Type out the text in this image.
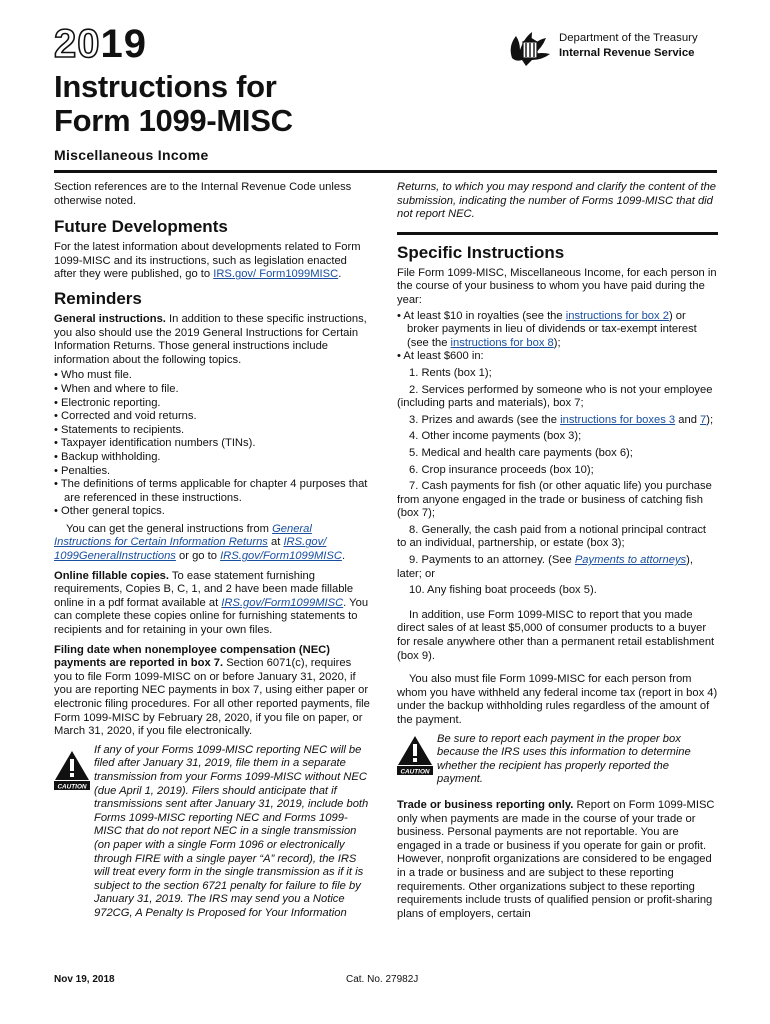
2019
Instructions for
Form 1099-MISC
Miscellaneous Income
Department of the Treasury
Internal Revenue Service

Section references are to the Internal Revenue Code unless otherwise noted.

Future Developments

For the latest information about developments related to Form 1099-MISC and its instructions, such as legislation enacted after they were published, go to IRS.gov/ Form1099MISC.

Reminders

General instructions. In addition to these specific instructions, you also should use the 2019 General Instructions for Certain Information Returns. Those general instructions include information about the following topics.

• Who must file.
• When and where to file.
• Electronic reporting.
• Corrected and void returns.
• Statements to recipients.
• Taxpayer identification numbers (TINs).
• Backup withholding.
• Penalties.
• The definitions of terms applicable for chapter 4 purposes that are referenced in these instructions.
• Other general topics.

You can get the general instructions from General Instructions for Certain Information Returns at IRS.gov/ 1099GeneralInstructions or go to IRS.gov/Form1099MISC.

Online fillable copies. To ease statement furnishing requirements, Copies B, C, 1, and 2 have been made fillable online in a pdf format available at IRS.gov/Form1099MISC. You can complete these copies online for furnishing statements to recipients and for retaining in your own files.

Filing date when nonemployee compensation (NEC) payments are reported in box 7. Section 6071(c), requires you to file Form 1099-MISC on or before January 31, 2020, if you are reporting NEC payments in box 7, using either paper or electronic filing procedures. For all other reported payments, file Form 1099-MISC by February 28, 2020, if you file on paper, or March 31, 2020, if you file electronically.

CAUTION
If any of your Forms 1099-MISC reporting NEC will be filed after January 31, 2019, file them in a separate transmission from your Forms 1099-MISC without NEC (due April 1, 2019). Filers should anticipate that if transmissions sent after January 31, 2019, include both Forms 1099-MISC reporting NEC and Forms 1099-MISC that do not report NEC in a single transmission (on paper with a single Form 1096 or electronically through FIRE with a single payer “A” record), the IRS will treat every form in the single transmission as if it is subject to the section 6721 penalty for failure to file by January 31, 2019. The IRS may send you a Notice 972CG, A Penalty Is Proposed for Your Information

Returns, to which you may respond and clarify the content of the submission, indicating the number of Forms 1099-MISC that did not report NEC.

Specific Instructions

File Form 1099-MISC, Miscellaneous Income, for each person in the course of your business to whom you have paid during the year:

• At least $10 in royalties (see the instructions for box 2) or broker payments in lieu of dividends or tax-exempt interest (see the instructions for box 8);
• At least $600 in:
1. Rents (box 1);
2. Services performed by someone who is not your employee (including parts and materials), box 7;
3. Prizes and awards (see the instructions for boxes 3 and 7);
4. Other income payments (box 3);
5. Medical and health care payments (box 6);
6. Crop insurance proceeds (box 10);
7. Cash payments for fish (or other aquatic life) you purchase from anyone engaged in the trade or business of catching fish (box 7);
8. Generally, the cash paid from a notional principal contract to an individual, partnership, or estate (box 3);
9. Payments to an attorney. (See Payments to attorneys), later; or
10. Any fishing boat proceeds (box 5).

In addition, use Form 1099-MISC to report that you made direct sales of at least $5,000 of consumer products to a buyer for resale anywhere other than a permanent retail establishment (box 9).

You also must file Form 1099-MISC for each person from whom you have withheld any federal income tax (report in box 4) under the backup withholding rules regardless of the amount of the payment.

CAUTION
Be sure to report each payment in the proper box because the IRS uses this information to determine whether the recipient has properly reported the payment.

Trade or business reporting only. Report on Form 1099-MISC only when payments are made in the course of your trade or business. Personal payments are not reportable. You are engaged in a trade or business if you operate for gain or profit. However, nonprofit organizations are considered to be engaged in a trade or business and are subject to these reporting requirements. Other organizations subject to these reporting requirements include trusts of qualified pension or profit-sharing plans of employers, certain

Nov 19, 2018	Cat. No. 27982J
